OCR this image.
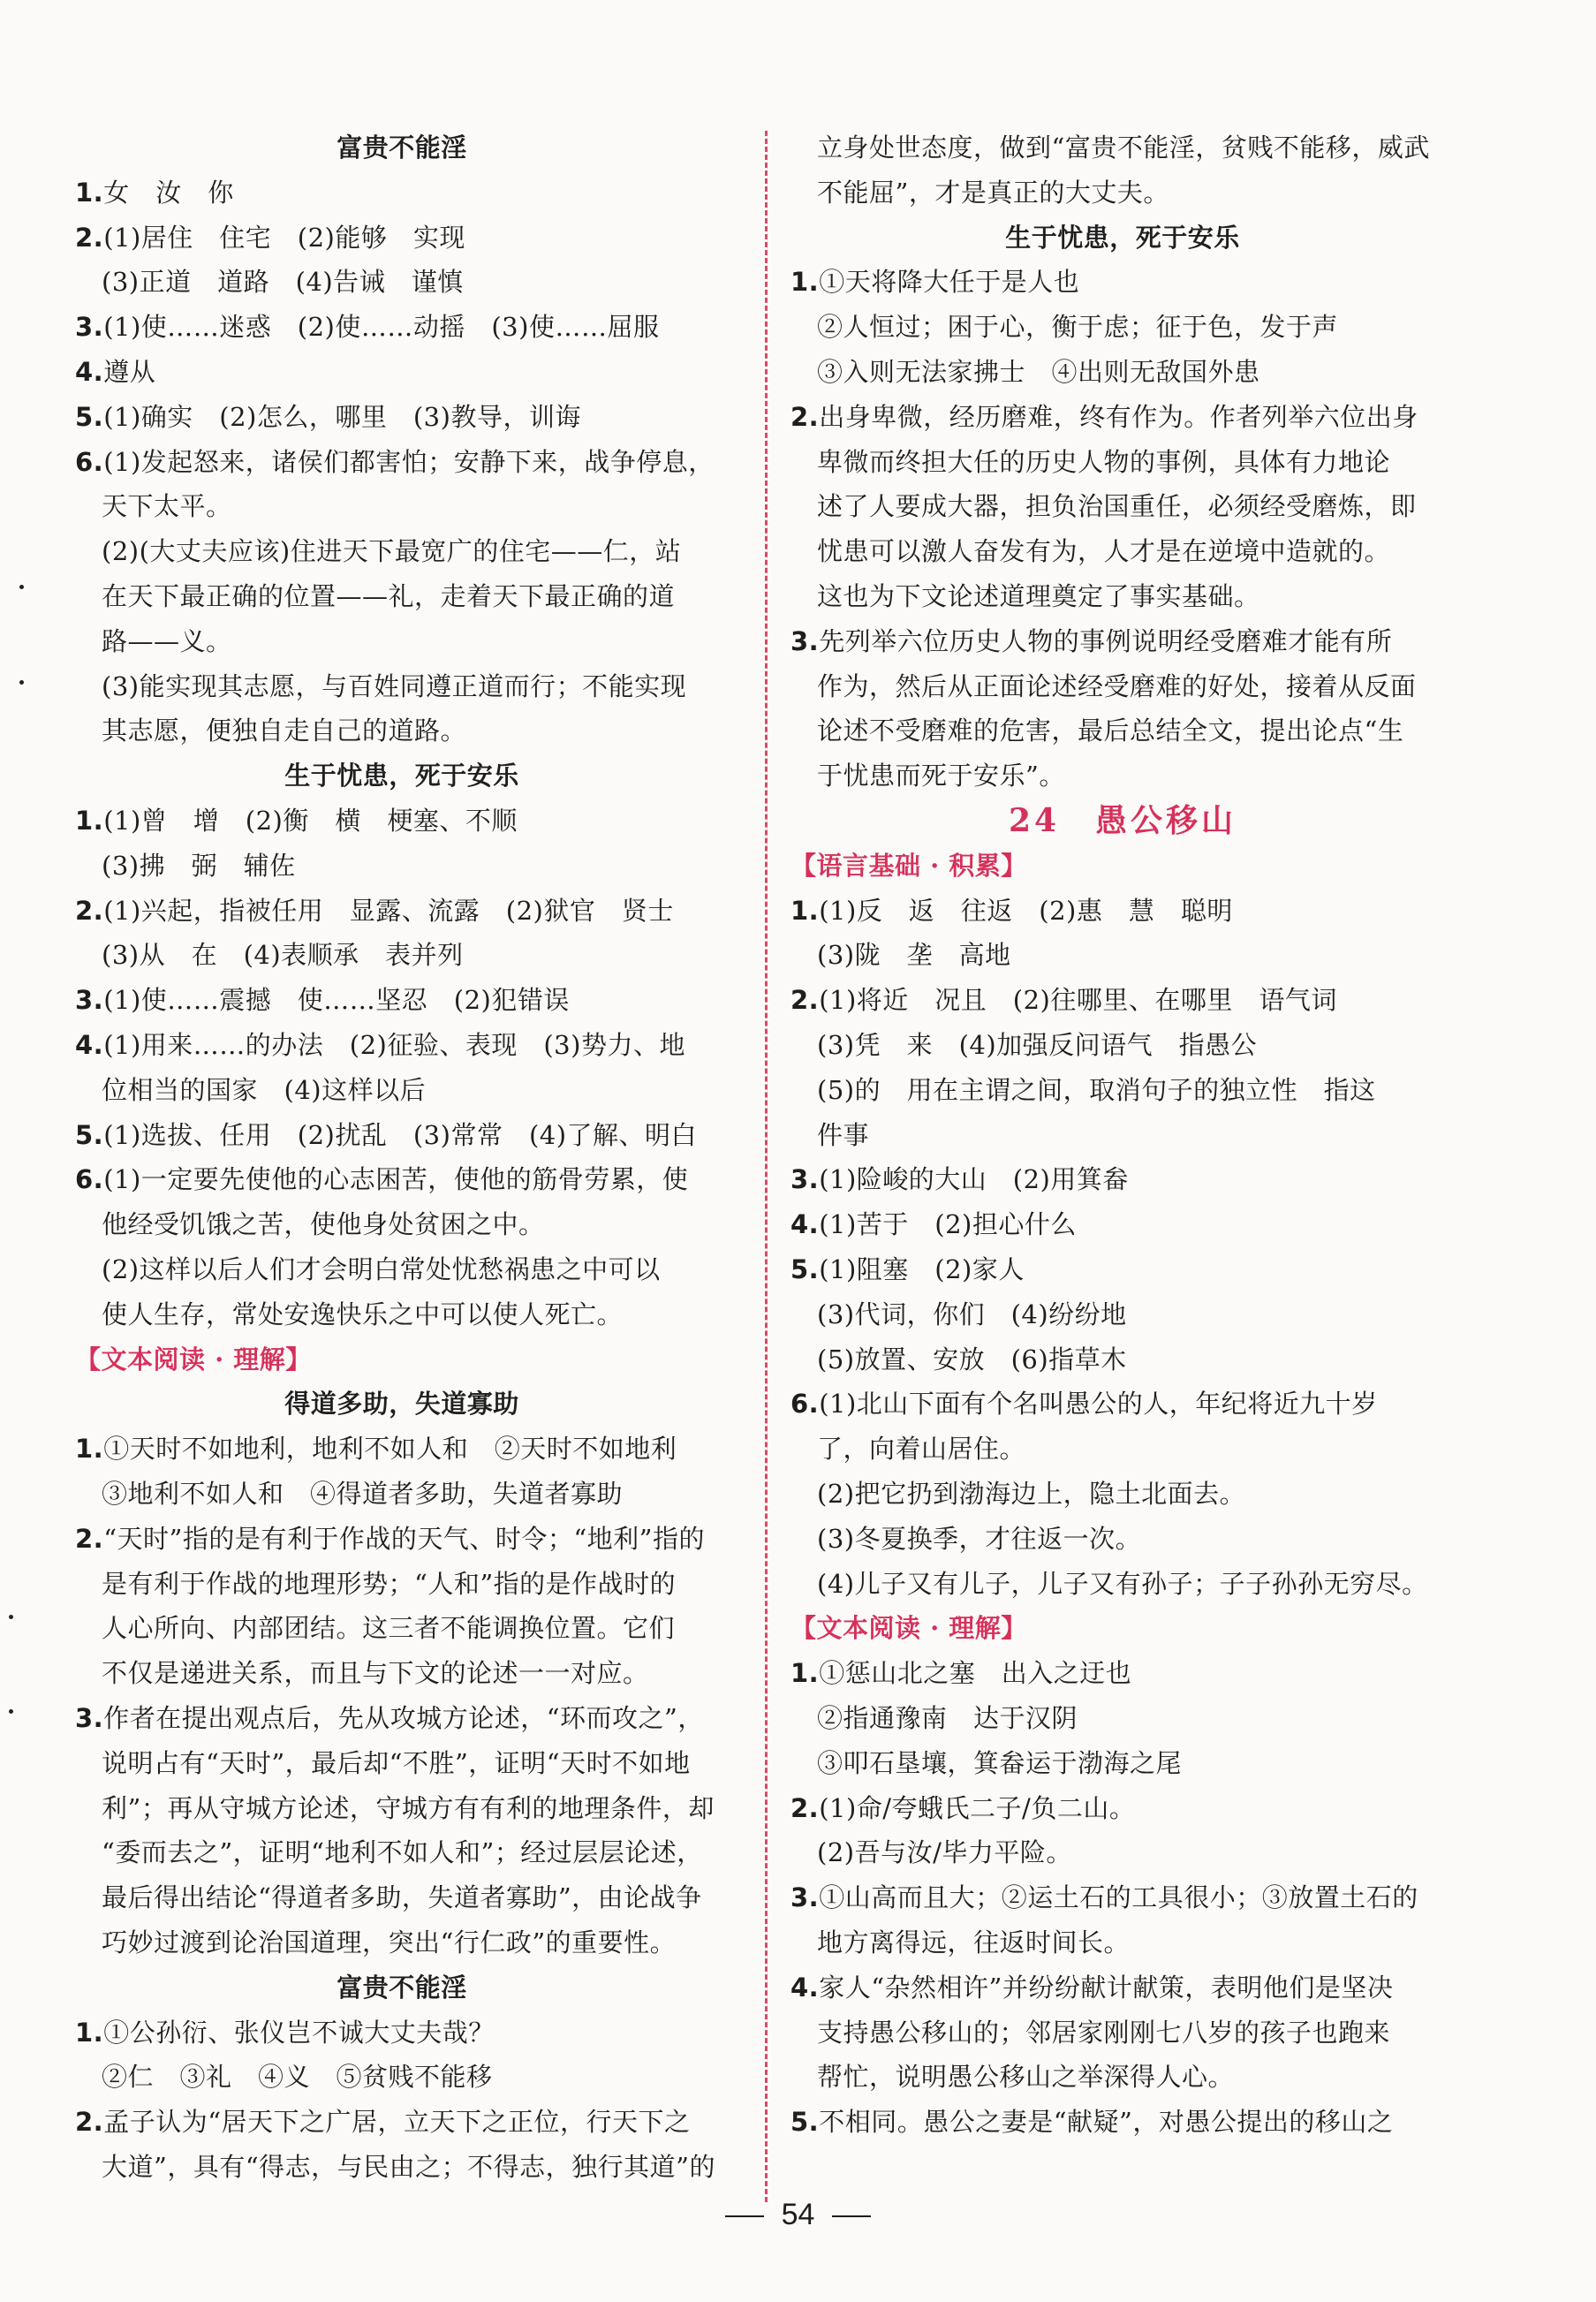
富贵不能淫
1.女　汝　你
2.(1)居住　住宅　(2)能够　实现
(3)正道　道路　(4)告诫　谨慎
3.(1)使……迷惑　(2)使……动摇　(3)使……屈服
4.遵从
5.(1)确实　(2)怎么，哪里　(3)教导，训诲
6.(1)发起怒来，诸侯们都害怕；安静下来，战争停息，
天下太平。
(2)(大丈夫应该)住进天下最宽广的住宅——仁，站
在天下最正确的位置——礼，走着天下最正确的道
路——义。
(3)能实现其志愿，与百姓同遵正道而行；不能实现
其志愿，便独自走自己的道路。
生于忧患，死于安乐
1.(1)曾　增　(2)衡　横　梗塞、不顺
(3)拂　弼　辅佐
2.(1)兴起，指被任用　显露、流露　(2)狱官　贤士
(3)从　在　(4)表顺承　表并列
3.(1)使……震撼　使……坚忍　(2)犯错误
4.(1)用来……的办法　(2)征验、表现　(3)势力、地
位相当的国家　(4)这样以后
5.(1)选拔、任用　(2)扰乱　(3)常常　(4)了解、明白
6.(1)一定要先使他的心志困苦，使他的筋骨劳累，使
他经受饥饿之苦，使他身处贫困之中。
(2)这样以后人们才会明白常处忧愁祸患之中可以
使人生存，常处安逸快乐之中可以使人死亡。
【文本阅读 · 理解】
得道多助，失道寡助
1.①天时不如地利，地利不如人和　②天时不如地利
③地利不如人和　④得道者多助，失道者寡助
2.“天时”指的是有利于作战的天气、时令；“地利”指的
是有利于作战的地理形势；“人和”指的是作战时的
人心所向、内部团结。这三者不能调换位置。它们
不仅是递进关系，而且与下文的论述一一对应。
3.作者在提出观点后，先从攻城方论述，“环而攻之”，
说明占有“天时”，最后却“不胜”，证明“天时不如地
利”；再从守城方论述，守城方有有利的地理条件，却
“委而去之”，证明“地利不如人和”；经过层层论述，
最后得出结论“得道者多助，失道者寡助”，由论战争
巧妙过渡到论治国道理，突出“行仁政”的重要性。
富贵不能淫
1.①公孙衍、张仪岂不诚大丈夫哉？
②仁　③礼　④义　⑤贫贱不能移
2.孟子认为“居天下之广居，立天下之正位，行天下之
大道”，具有“得志，与民由之；不得志，独行其道”的
立身处世态度，做到“富贵不能淫，贫贱不能移，威武
不能屈”，才是真正的大丈夫。
生于忧患，死于安乐
1.①天将降大任于是人也
②人恒过；困于心，衡于虑；征于色，发于声
③入则无法家拂士　④出则无敌国外患
2.出身卑微，经历磨难，终有作为。作者列举六位出身
卑微而终担大任的历史人物的事例，具体有力地论
述了人要成大器，担负治国重任，必须经受磨炼，即
忧患可以激人奋发有为，人才是在逆境中造就的。
这也为下文论述道理奠定了事实基础。
3.先列举六位历史人物的事例说明经受磨难才能有所
作为，然后从正面论述经受磨难的好处，接着从反面
论述不受磨难的危害，最后总结全文，提出论点“生
于忧患而死于安乐”。
24　愚公移山
【语言基础 · 积累】
1.(1)反　返　往返　(2)惠　慧　聪明
(3)陇　垄　高地
2.(1)将近　况且　(2)往哪里、在哪里　语气词
(3)凭　来　(4)加强反问语气　指愚公
(5)的　用在主谓之间，取消句子的独立性　指这
件事
3.(1)险峻的大山　(2)用箕畚
4.(1)苦于　(2)担心什么
5.(1)阻塞　(2)家人
(3)代词，你们　(4)纷纷地
(5)放置、安放　(6)指草木
6.(1)北山下面有个名叫愚公的人，年纪将近九十岁
了，向着山居住。
(2)把它扔到渤海边上，隐土北面去。
(3)冬夏换季，才往返一次。
(4)儿子又有儿子，儿子又有孙子；子子孙孙无穷尽。
【文本阅读 · 理解】
1.①惩山北之塞　出入之迂也
②指通豫南　达于汉阴
③叩石垦壤，箕畚运于渤海之尾
2.(1)命/夸蛾氏二子/负二山。
(2)吾与汝/毕力平险。
3.①山高而且大；②运土石的工具很小；③放置土石的
地方离得远，往返时间长。
4.家人“杂然相许”并纷纷献计献策，表明他们是坚决
支持愚公移山的；邻居家刚刚七八岁的孩子也跑来
帮忙，说明愚公移山之举深得人心。
5.不相同。愚公之妻是“献疑”，对愚公提出的移山之
54
